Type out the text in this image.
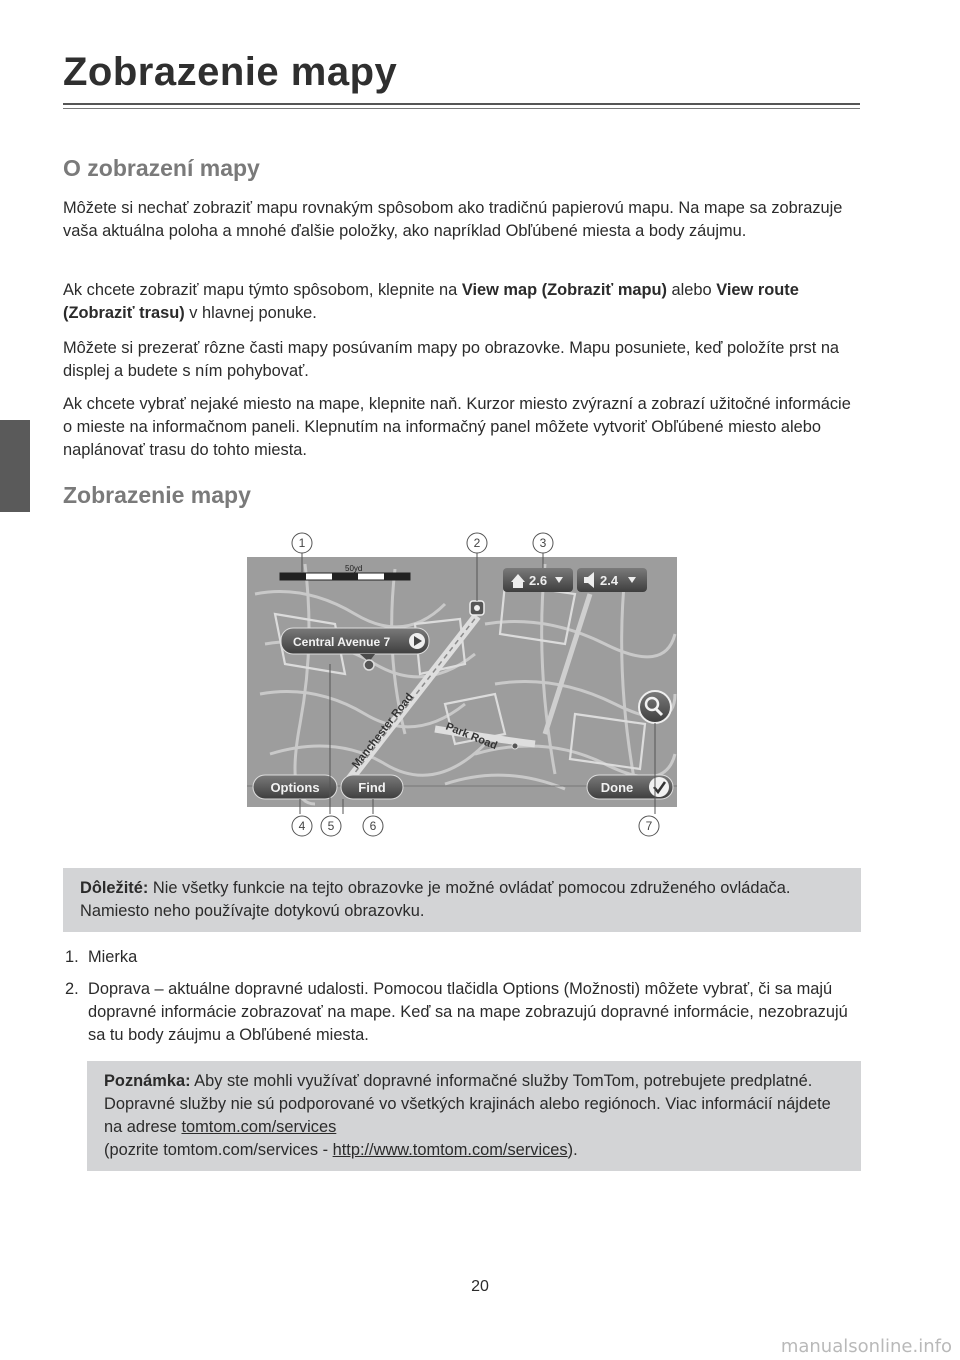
Zobrazenie mapy
O zobrazení mapy

Môžete si nechať zobraziť mapu rovnakým spôsobom ako tradičnú papierovú mapu. Na mape sa zobrazuje vaša aktuálna poloha a mnohé ďalšie položky, ako napríklad Obľúbené miesta a body záujmu.

Ak chcete zobraziť mapu týmto spôsobom, klepnite na View map (Zobraziť mapu) alebo View route (Zobraziť trasu) v hlavnej ponuke.

Môžete si prezerať rôzne časti mapy posúvaním mapy po obrazovke. Mapu posuniete, keď položíte prst na displej a budete s ním pohybovať.

Ak chcete vybrať nejaké miesto na mape, klepnite naň. Kurzor miesto zvýrazní a zobrazí užitočné informácie o mieste na informačnom paneli. Klepnutím na informačný panel môžete vytvoriť Obľúbené miesto alebo naplánovať trasu do tohto miesta.

Zobrazenie mapy
Manchester Road	Park Road
50yd
2.6	2.4
Central Avenue 7
Options	Find	Done
1	2	3
4 5	6	7
Dôležité: Nie všetky funkcie na tejto obrazovke je možné ovládať pomocou združeného ovládača. Namiesto neho používajte dotykovú obrazovku.
1. Mierka
2. Doprava – aktuálne dopravné udalosti. Pomocou tlačidla Options (Možnosti) môžete vybrať, či sa majú dopravné informácie zobrazovať na mape. Keď sa na mape zobrazujú dopravné informácie, nezobrazujú sa tu body záujmu a Obľúbené miesta.
Poznámka: Aby ste mohli využívať dopravné informačné služby TomTom, potrebujete predplatné. Dopravné služby nie sú podporované vo všetkých krajinách alebo regiónoch. Viac informácií nájdete na adrese tomtom.com/services
(pozrite tomtom.com/services - http://www.tomtom.com/services).
20
manualsonline.info
